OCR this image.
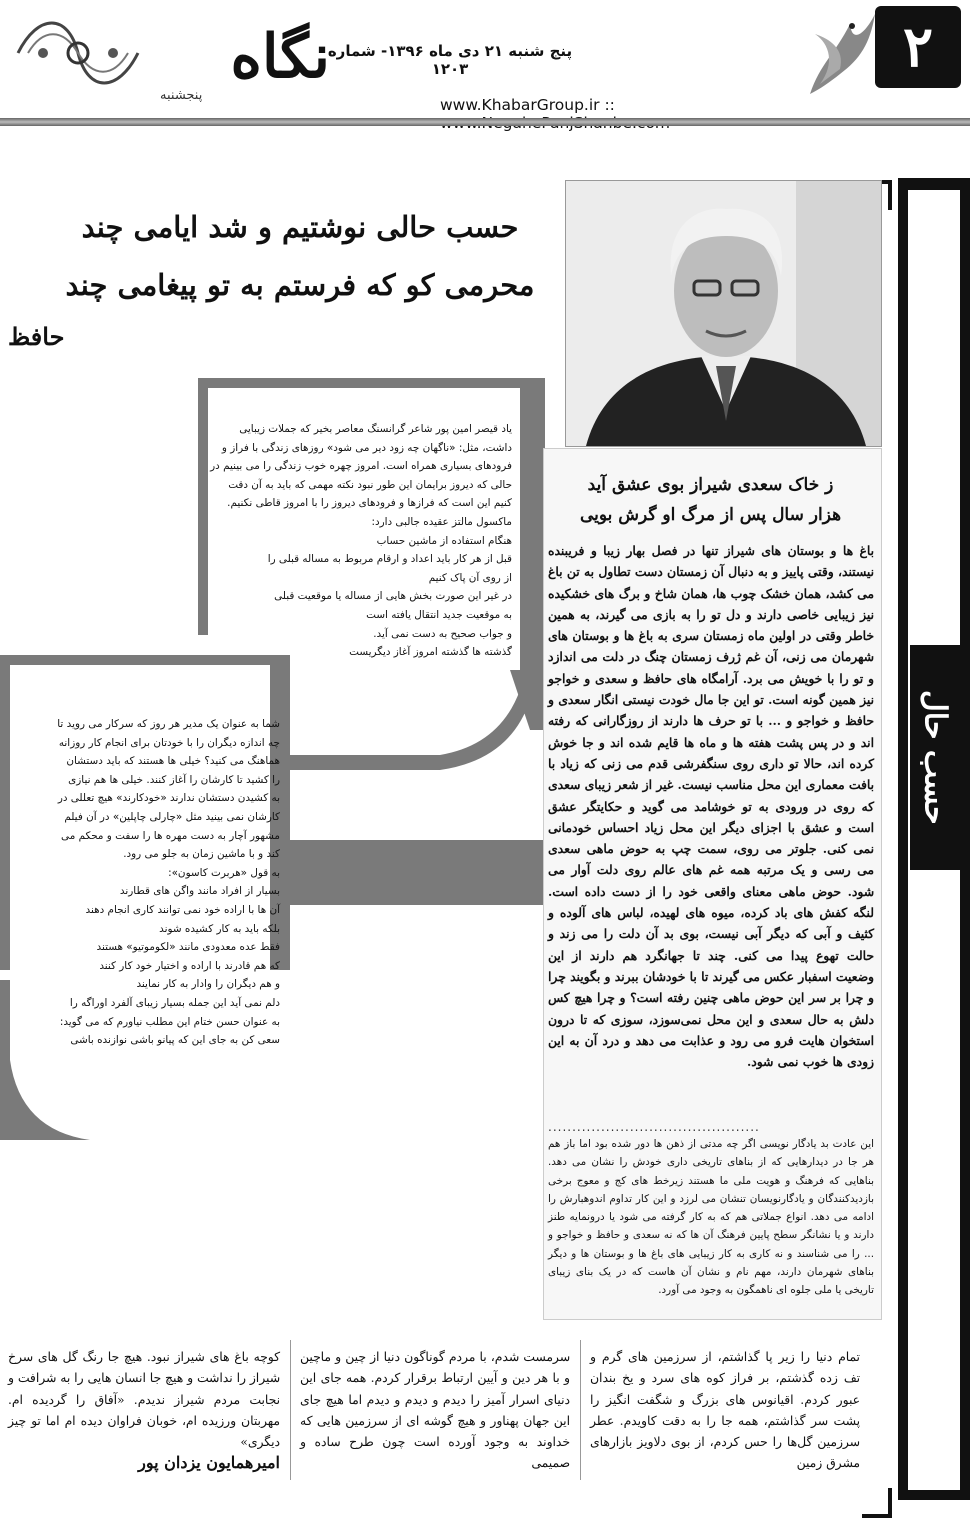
نگاه
پنجشنبه
پنج شنبه ۲۱ دی ماه ۱۳۹۶- شماره ۱۲۰۳
www.KhabarGroup.ir ::
۲
حسب حال
حسب حالی نوشتیم و شد ایامی چند
محرمی کو که فرستم به تو پیغامی چند
حافظ
یاد قیصر امین پور شاعر گرانسنگ معاصر بخیر که جملات زیبایی
داشت، مثل: «ناگهان چه زود دیر می شود» روزهای زندگی با فراز و
فرودهای بسیاری همراه است. امروز چهره خوب زندگی را می بینیم در
حالی که دیروز برایمان این طور نبود نکته مهمی که باید به آن دقت
کنیم این است که فرازها و فرودهای دیروز را با امروز قاطی نکنیم.
ماکسول مالتز عقیده جالبی دارد:
هنگام استفاده از ماشین حساب
قبل از هر کار باید اعداد و ارقام مربوط به مساله قبلی را
از روی آن پاک کنیم
در غیر این صورت بخش هایی از مساله یا موقعیت قبلی
به موقعیت جدید انتقال یافته است
و جواب صحیح به دست نمی آید.
گذشته ها گذشته امروز آغاز دیگریست
شما به عنوان یک مدیر هر روز که سرکار می روید تا
چه اندازه دیگران را با خودتان برای انجام کار روزانه
هماهنگ می کنید؟ خیلی ها هستند که باید دستشان
را کشید تا کارشان را آغاز کنند. خیلی ها هم نیازی
به کشیدن دستشان ندارند «خودکارند» هیچ تعللی در
کارشان نمی بینید مثل «چارلی چاپلین» در آن فیلم
مشهور آچار به دست مهره ها را سفت و محکم می
کند و با ماشین زمان به جلو می رود.
به قول «هربرت کاسون»:
بسیار از افراد مانند واگن های قطارند
آن ها با اراده خود نمی توانند کاری انجام دهند
بلکه باید به کار کشیده شوند
فقط عده معدودی مانند «لکوموتیو» هستند
که هم قادرند با اراده و اختیار خود کار کنند
و هم دیگران را وادار به کار نمایند
دلم نمی آید این جمله بسیار زیبای آلفرد اوراگه را
به عنوان حسن ختام این مطلب نیاورم که می گوید:
سعی کن به جای این که پیانو باشی نوازنده باشی
ز خاک سعدی شیراز بوی عشق آید
هزار سال پس از مرگ او گرش بویی
باغ ها و بوستان های شیراز تنها در فصل بهار زیبا و فریبنده نیستند، وقتی پاییز و به دنبال آن زمستان دست تطاول به تن باغ می کشد، همان خشک چوب ها، همان شاخ و برگ های خشکیده نیز زیبایی خاصی دارند و دل تو را به بازی می گیرند، به همین خاطر وقتی در اولین ماه زمستان سری به باغ ها و بوستان های شهرمان می زنی، آن غم ژرف زمستان چنگ در دلت می اندازد و تو را با خویش می برد. آرامگاه های حافظ و سعدی و خواجو نیز همین گونه است. تو این جا مال خودت نیستی انگار سعدی و حافظ و خواجو و ... با تو حرف ها دارند از روزگارانی که رفته اند و در پس پشت هفته ها و ماه ها قایم شده اند و جا خوش کرده اند، حالا تو داری روی سنگفرشی قدم می زنی که زیاد با بافت معماری این محل مناسب نیست. غیر از شعر زیبای سعدی که روی در ورودی به تو خوشامد می گوید و حکایتگر عشق است و عشق با اجزای دیگر این محل زیاد احساس خودمانی نمی کنی. جلوتر می روی، سمت چپ به حوض ماهی سعدی می رسی و یک مرتبه همه غم های عالم روی دلت آوار می شود. حوض ماهی معنای واقعی خود را از دست داده است. لنگه کفش های باد کرده، میوه های لهیده، لباس های آلوده و کثیف و آبی که دیگر آبی نیست، بوی بد آن دلت را می زند و حالت تهوع پیدا می کنی. چند تا جهانگرد هم دارند از این وضعیت اسفبار عکس می گیرند تا با خودشان ببرند و بگویند چرا و چرا بر سر این حوض ماهی چنین رفته است؟ و چرا هیچ کس دلش به حال سعدی و این محل نمی‌سوزد، سوزی که تا درون استخوان هایت فرو می رود و عذابت می دهد و درد آن به این زودی ها خوب نمی شود.
............................................
این عادت بد یادگار نویسی اگر چه مدتی از ذهن ها دور شده بود اما باز هم هر جا در دیدارهایی که از بناهای تاریخی داری خودش را نشان می دهد. بناهایی که فرهنگ و هویت ملی ما هستند زیرخط های کج و معوج برخی بازدیدکنندگان و یادگارنویسان تنشان می لرزد و این کار تداوم اندوهبارش را ادامه می دهد. انواع جملاتی هم که به کار گرفته می شود یا درونمایه طنز دارند و یا نشانگر سطح پایین فرهنگ آن ها که نه سعدی و حافظ و خواجو و ... را می شناسند و نه کاری به کار زیبایی های باغ ها و بوستان ها و دیگر بناهای شهرمان دارند، مهم نام و نشان آن هاست که در یک بنای زیبای تاریخی یا ملی جلوه ای ناهمگون به وجود می آورد.
تمام دنیا را زیر پا گذاشتم، از سرزمین های گرم و تف زده گذشتم، بر فراز کوه های سرد و یخ بندان عبور کردم. اقیانوس های بزرگ و شگفت انگیز را پشت سر گذاشتم، همه جا را به دقت کاویدم. عطر سرزمین گل‌ها را حس کردم، از بوی دلاویز بازارهای مشرق زمین
سرمست شدم، با مردم گوناگون دنیا از چین و ماچین و با هر دین و آیین ارتباط برقرار کردم. همه جای این دنیای اسرار آمیز را دیدم و دیدم و دیدم اما هیچ جای این جهان پهناور و هیچ گوشه ای از سرزمین هایی که خداوند به وجود آورده است چون طرح ساده و صمیمی
کوچه باغ های شیراز نبود. هیچ جا رنگ گل های سرخ شیراز را نداشت و هیچ جا انسان هایی را به شرافت و نجابت مردم شیراز ندیدم. «آفاق را گردیده ام. مهربتان ورزیده ام، خوبان فراوان دیده ام اما تو چیز دیگری»
امیرهمایون یزدان پور
